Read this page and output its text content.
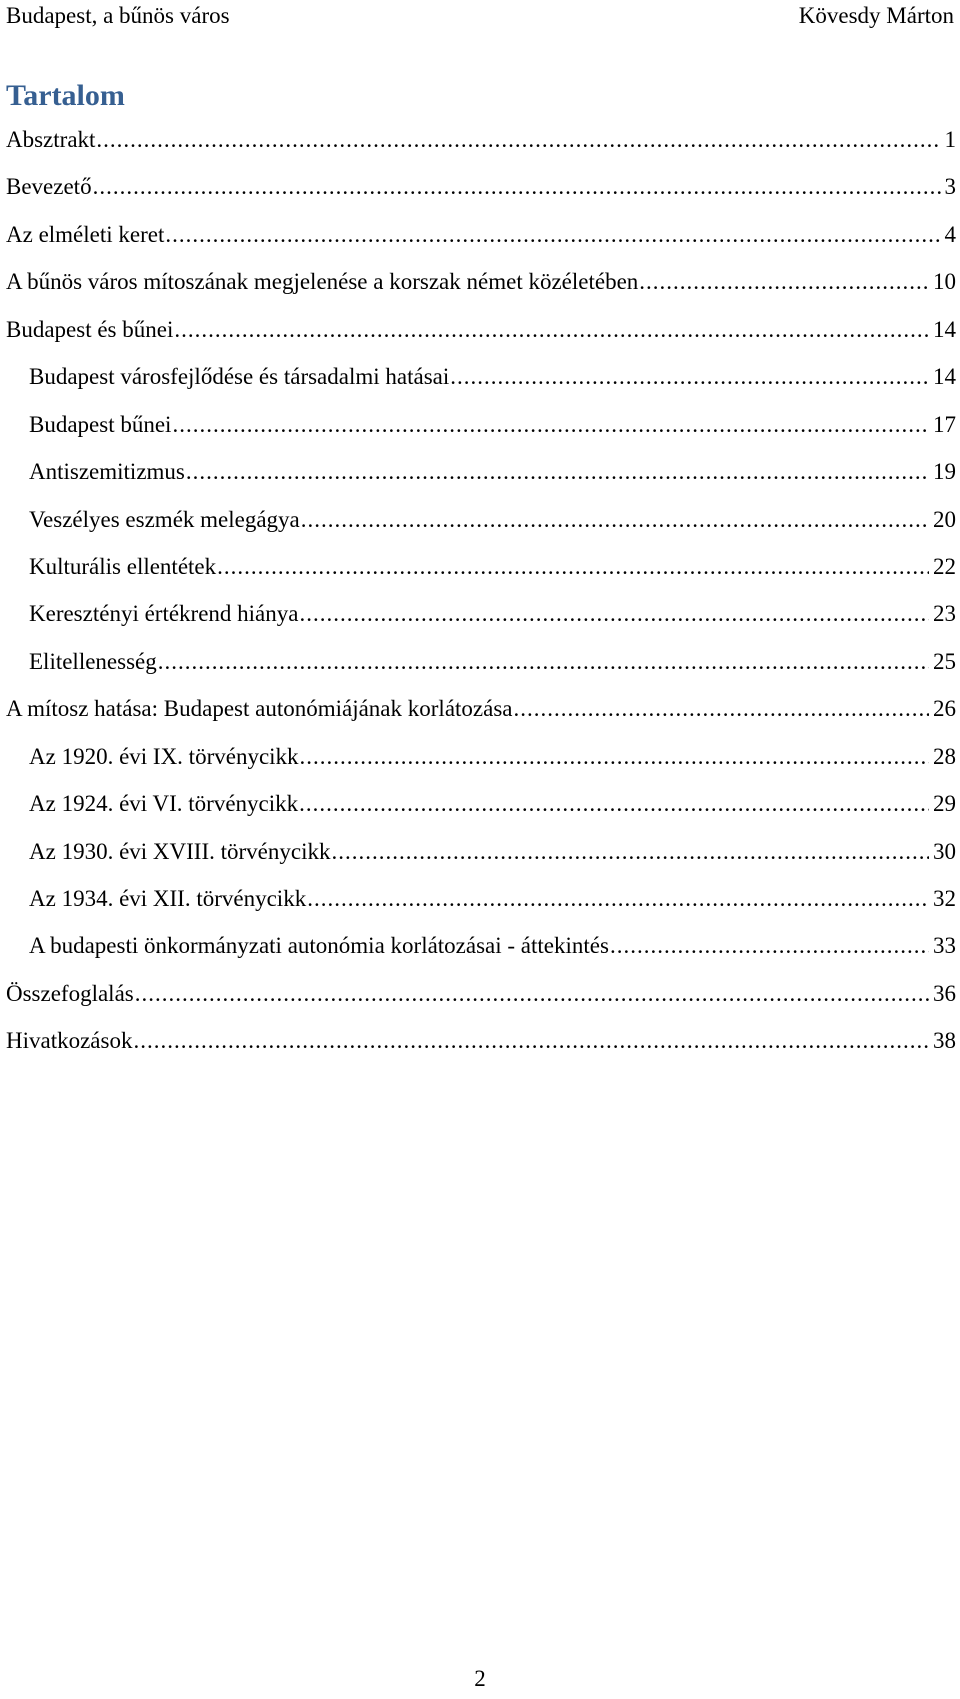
Budapest, a bűnös város	Kövesdy Márton
Tartalom
Absztrakt .....	1
Bevezető .....	3
Az elméleti keret .....	4
A bűnös város mítoszának megjelenése a korszak német közéletében .....	10
Budapest és bűnei .....	14
Budapest városfejlődése és társadalmi hatásai .....	14
Budapest bűnei .....	17
Antiszemitizmus .....	19
Veszélyes eszmék melegágya .....	20
Kulturális ellentétek .....	22
Keresztényi értékrend hiánya .....	23
Elitellenesség .....	25
A mítosz hatása: Budapest autonómiájának korlátozása .....	26
Az 1920. évi IX. törvénycikk .....	28
Az 1924. évi VI. törvénycikk .....	29
Az 1930. évi XVIII. törvénycikk .....	30
Az 1934. évi XII. törvénycikk .....	32
A budapesti önkormányzati autonómia korlátozásai - áttekintés .....	33
Összefoglalás .....	36
Hivatkozások .....	38
2
